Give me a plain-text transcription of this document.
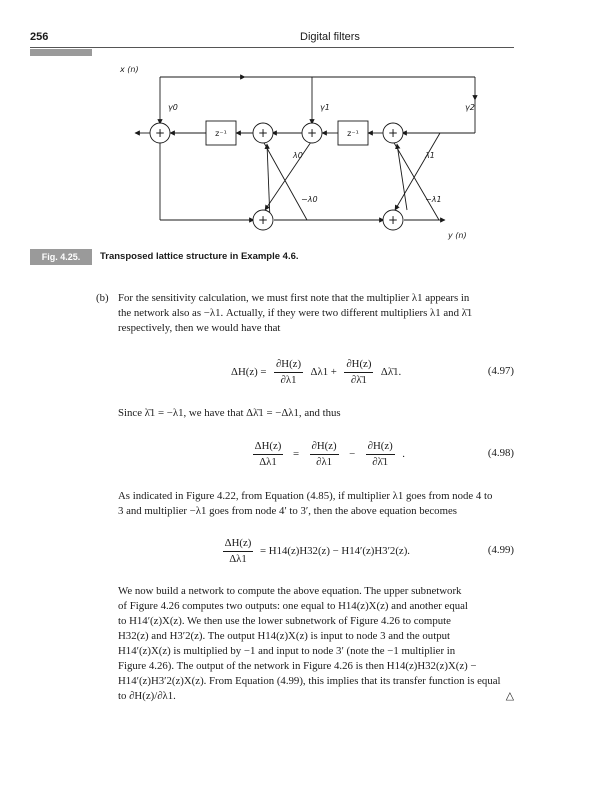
256	Digital filters
+	+	+	+
+	+
z⁻¹	z⁻¹
x (n)
y (n)
γ0	γ1	γ2
λ0	λ1
−λ0	−λ1
Fig. 4.25.	Transposed lattice structure in Example 4.6.
(b) For the sensitivity calculation, we must first note that the multiplier λ1 appears in
the network also as −λ1. Actually, if they were two different multipliers λ1 and λ̄1
respectively, then we would have that
$\Delta H(z) = \frac{\partial H(z)}{\partial\lambda 1} \Delta\lambda 1 + \frac{\partial H(z)}{\partial\lambdā1}$ Δλ̄1.	(4.97)
Since λ̄1 = −λ1, we have that Δλ̄1 = −Δλ1, and thus
$\frac{\Delta H(z)}{\Delta\lambda 1} = \frac{\partial H(z)}{\partial\lambda 1} - \frac{\partial H(z)}{\partial\lambdā1}$ .	(4.98)
As indicated in Figure 4.22, from Equation (4.85), if multiplier λ1 goes from node 4 to
3 and multiplier −λ1 goes from node 4′ to 3′, then the above equation becomes
$\frac{\Delta H(z)}{\Delta\lambda 1} = H14(z)H32(z) - H14'(z)H3'2(z)$.	(4.99)
We now build a network to compute the above equation. The upper subnetwork
of Figure 4.26 computes two outputs: one equal to H14(z)X(z) and another equal
to H14′(z)X(z). We then use the lower subnetwork of Figure 4.26 to compute
H32(z) and H3′2(z). The output H14(z)X(z) is input to node 3 and the output
H14′(z)X(z) is multiplied by −1 and input to node 3′ (note the −1 multiplier in
Figure 4.26). The output of the network in Figure 4.26 is then H14(z)H32(z)X(z) −
H14′(z)H3′2(z)X(z). From Equation (4.99), this implies that its transfer function is equal
to ∂H(z)/∂λ1.	△
